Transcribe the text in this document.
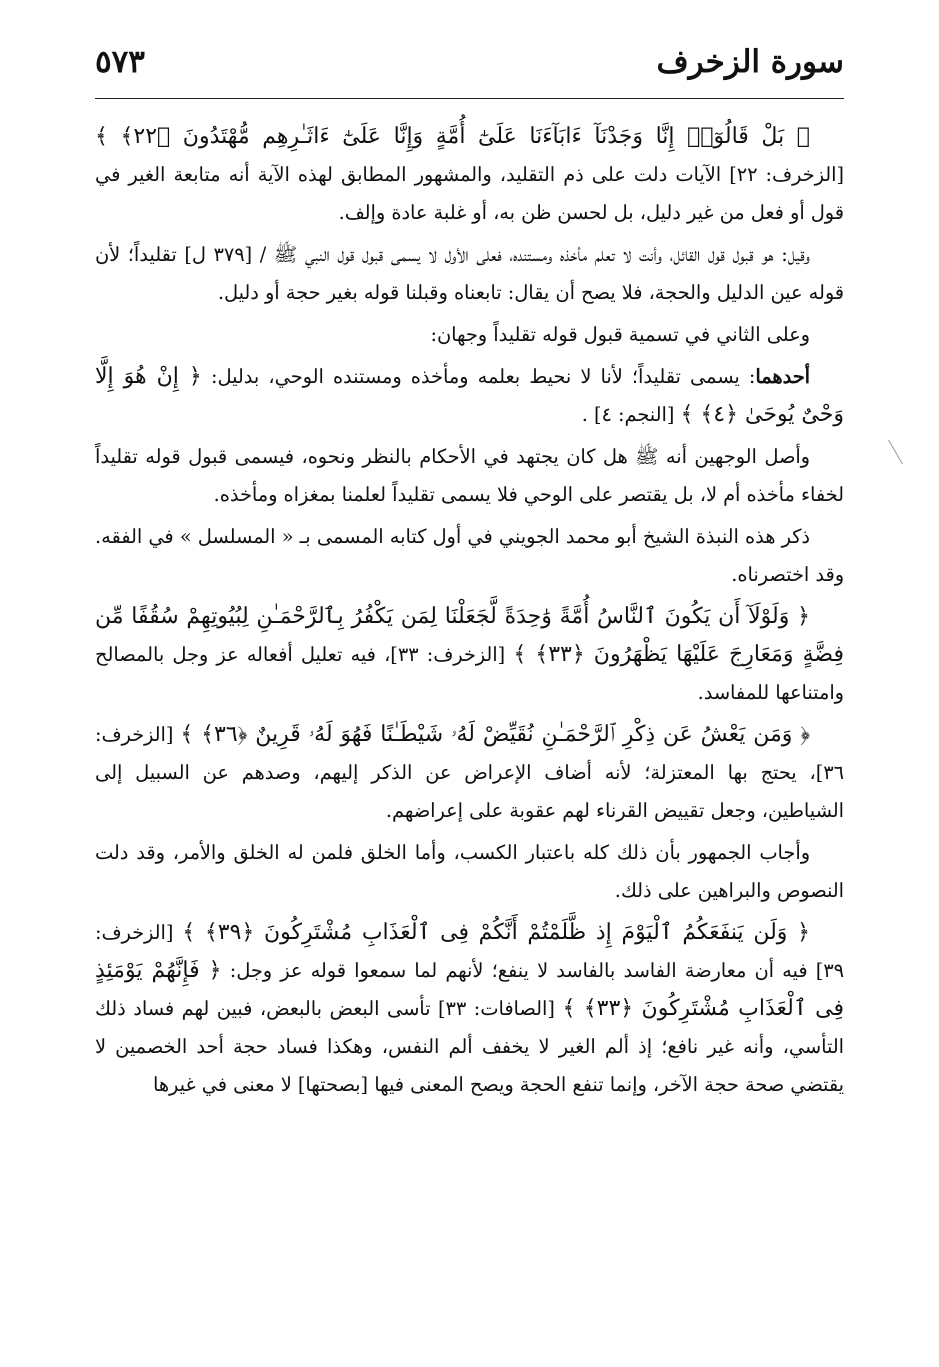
سورة الزخرف
٥٧٣

﴿ بَلْ قَالُوٓا۟ إِنَّا وَجَدْنَآ ءَابَآءَنَا عَلَىٰٓ أُمَّةٍ وَإِنَّا عَلَىٰٓ ءَاثَـٰرِهِم مُّهْتَدُونَ ﴿٢٢﴾ ﴾ [الزخرف: ٢٢] الآيات دلت على ذم التقليد، والمشهور المطابق لهذه الآية أنه متابعة الغير في قول أو فعل من غير دليل، بل لحسن ظن به، أو غلبة عادة وإلف.

وقيل: هو قبول قول القائل، وأنت لا تعلم مأخذه ومستنده، فعلى الأول لا يسمى قبول قول النبي ﷺ / [٣٧٩ ل] تقليداً؛ لأن قوله عين الدليل والحجة، فلا يصح أن يقال: تابعناه وقبلنا قوله بغير حجة أو دليل.

وعلى الثاني في تسمية قبول قوله تقليداً وجهان:

أحدهما: يسمى تقليداً؛ لأنا لا نحيط بعلمه ومأخذه ومستنده الوحي، بدليل: ﴿ إِنْ هُوَ إِلَّا وَحْىٌ يُوحَىٰ ﴿٤﴾ ﴾ [النجم: ٤] .

وأصل الوجهين أنه ﷺ هل كان يجتهد في الأحكام بالنظر ونحوه، فيسمى قبول قوله تقليداً لخفاء مأخذه أم لا، بل يقتصر على الوحي فلا يسمى تقليداً لعلمنا بمغزاه ومأخذه.

ذكر هذه النبذة الشيخ أبو محمد الجويني في أول كتابه المسمى بـ « المسلسل » في الفقه. وقد اختصرناه.

﴿ وَلَوْلَآ أَن يَكُونَ ٱلنَّاسُ أُمَّةً وَٰحِدَةً لَّجَعَلْنَا لِمَن يَكْفُرُ بِٱلرَّحْمَـٰنِ لِبُيُوتِهِمْ سُقُفًا مِّن فِضَّةٍ وَمَعَارِجَ عَلَيْهَا يَظْهَرُونَ ﴿٣٣﴾ ﴾ [الزخرف: ٣٣]، فيه تعليل أفعاله عز وجل بالمصالح وامتناعها للمفاسد.

﴿ وَمَن يَعْشُ عَن ذِكْرِ ٱلرَّحْمَـٰنِ نُقَيِّضْ لَهُۥ شَيْطَـٰنًا فَهُوَ لَهُۥ قَرِينٌ ﴿٣٦﴾ ﴾ [الزخرف: ٣٦]، يحتج بها المعتزلة؛ لأنه أضاف الإعراض عن الذكر إليهم، وصدهم عن السبيل إلى الشياطين، وجعل تقييض القرناء لهم عقوبة على إعراضهم.

وأجاب الجمهور بأن ذلك كله باعتبار الكسب، وأما الخلق فلمن له الخلق والأمر، وقد دلت النصوص والبراهين على ذلك.

﴿ وَلَن يَنفَعَكُمُ ٱلْيَوْمَ إِذ ظَّلَمْتُمْ أَنَّكُمْ فِى ٱلْعَذَابِ مُشْتَرِكُونَ ﴿٣٩﴾ ﴾ [الزخرف: ٣٩] فيه أن معارضة الفاسد بالفاسد لا ينفع؛ لأنهم لما سمعوا قوله عز وجل: ﴿ فَإِنَّهُمْ يَوْمَئِذٍ فِى ٱلْعَذَابِ مُشْتَرِكُونَ ﴿٣٣﴾ ﴾ [الصافات: ٣٣] تأسى البعض بالبعض، فبين لهم فساد ذلك التأسي، وأنه غير نافع؛ إذ ألم الغير لا يخفف ألم النفس، وهكذا فساد حجة أحد الخصمين لا يقتضي صحة حجة الآخر، وإنما تنفع الحجة ويصح المعنى فيها [بصحتها] لا معنى في غيرها
